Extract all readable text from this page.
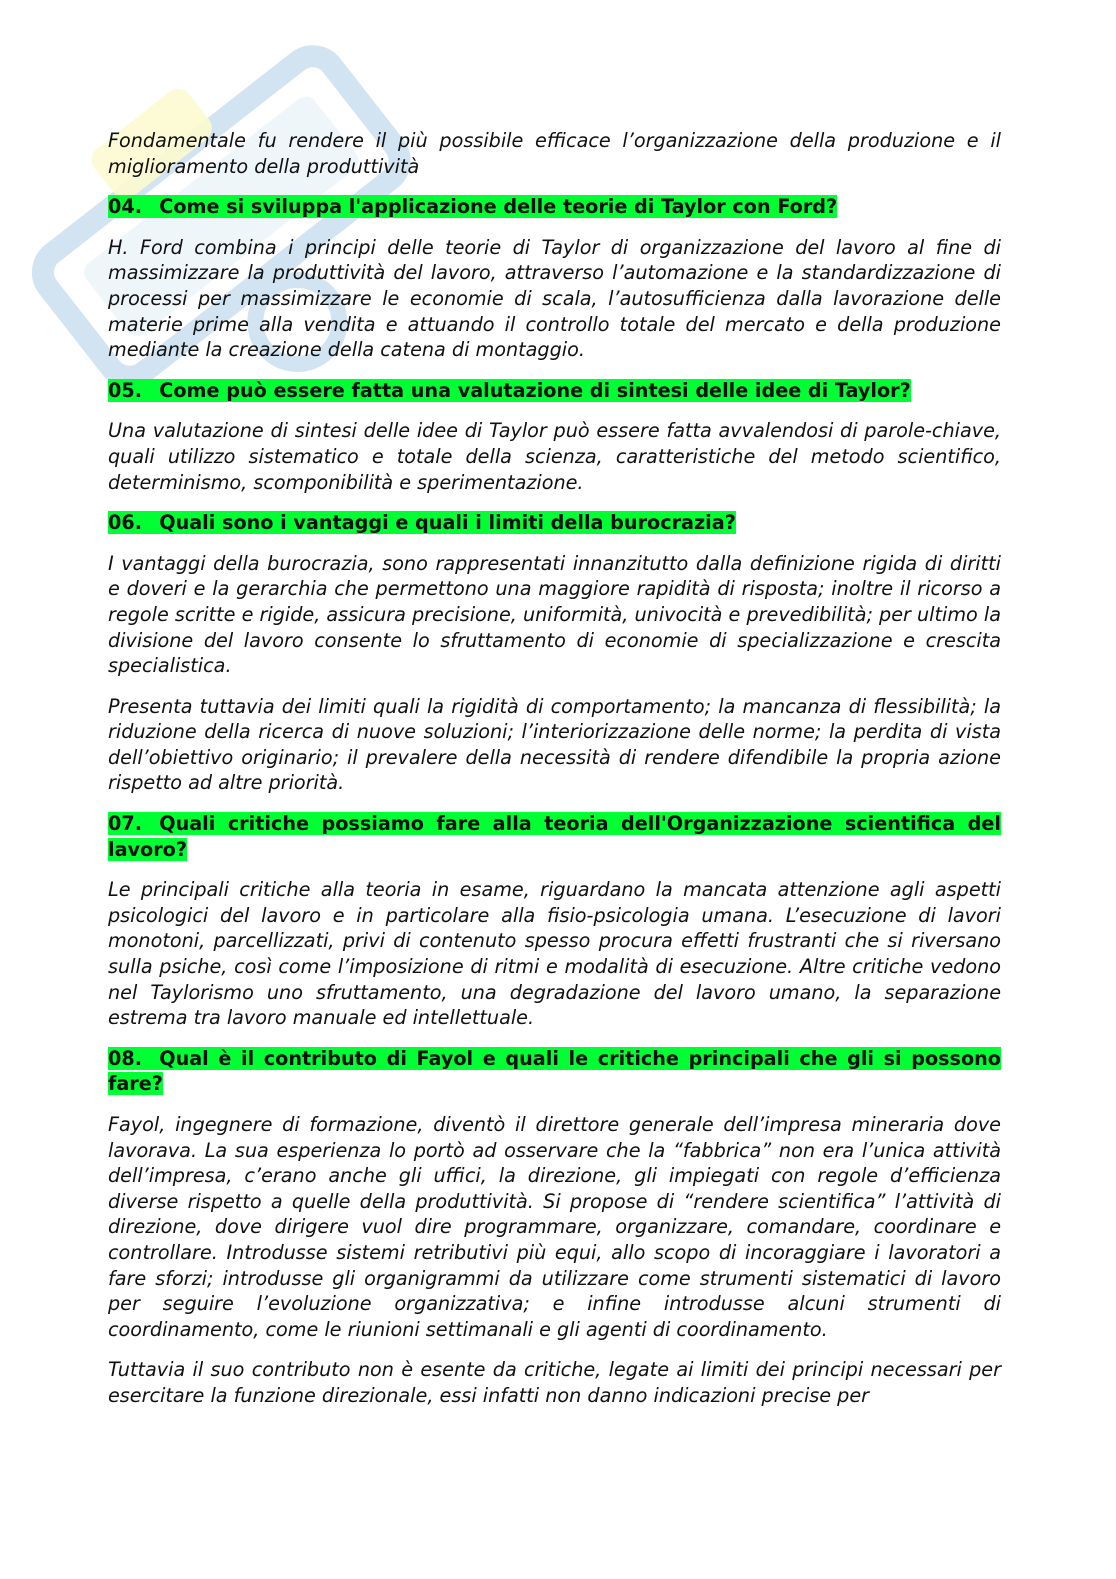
Fondamentale fu rendere il più possibile efficace l’organizzazione della produzione e il miglioramento della produttività

04. Come si sviluppa l'applicazione delle teorie di Taylor con Ford?

H. Ford combina i principi delle teorie di Taylor di organizzazione del lavoro al fine di massimizzare la produttività del lavoro, attraverso l’automazione e la standardizzazione di processi per massimizzare le economie di scala, l’autosufficienza dalla lavorazione delle materie prime alla vendita e attuando il controllo totale del mercato e della produzione mediante la creazione della catena di montaggio.

05. Come può essere fatta una valutazione di sintesi delle idee di Taylor?

Una valutazione di sintesi delle idee di Taylor può essere fatta avvalendosi di parole-chiave, quali utilizzo sistematico e totale della scienza, caratteristiche del metodo scientifico, determinismo, scomponibilità e sperimentazione.

06. Quali sono i vantaggi e quali i limiti della burocrazia?

I vantaggi della burocrazia, sono rappresentati innanzitutto dalla definizione rigida di diritti e doveri e la gerarchia che permettono una maggiore rapidità di risposta; inoltre il ricorso a regole scritte e rigide, assicura precisione, uniformità, univocità e prevedibilità; per ultimo la divisione del lavoro consente lo sfruttamento di economie di specializzazione e crescita specialistica.

Presenta tuttavia dei limiti quali la rigidità di comportamento; la mancanza di flessibilità; la riduzione della ricerca di nuove soluzioni; l’interiorizzazione delle norme; la perdita di vista dell’obiettivo originario; il prevalere della necessità di rendere difendibile la propria azione rispetto ad altre priorità.

07. Quali critiche possiamo fare alla teoria dell'Organizzazione scientifica del lavoro?

Le principali critiche alla teoria in esame, riguardano la mancata attenzione agli aspetti psicologici del lavoro e in particolare alla fisio-psicologia umana. L’esecuzione di lavori monotoni, parcellizzati, privi di contenuto spesso procura effetti frustranti che si riversano sulla psiche, così come l’imposizione di ritmi e modalità di esecuzione. Altre critiche vedono nel Taylorismo uno sfruttamento, una degradazione del lavoro umano, la separazione estrema tra lavoro manuale ed intellettuale.

08. Qual è il contributo di Fayol e quali le critiche principali che gli si possono fare?

Fayol, ingegnere di formazione, diventò il direttore generale dell’impresa mineraria dove lavorava. La sua esperienza lo portò ad osservare che la “fabbrica” non era l’unica attività dell’impresa, c’erano anche gli uffici, la direzione, gli impiegati con regole d’efficienza diverse rispetto a quelle della produttività. Si propose di “rendere scientifica” l’attività di direzione, dove dirigere vuol dire programmare, organizzare, comandare, coordinare e controllare. Introdusse sistemi retributivi più equi, allo scopo di incoraggiare i lavoratori a fare sforzi; introdusse gli organigrammi da utilizzare come strumenti sistematici di lavoro per seguire l’evoluzione organizzativa; e infine introdusse alcuni strumenti di coordinamento, come le riunioni settimanali e gli agenti di coordinamento.

Tuttavia il suo contributo non è esente da critiche, legate ai limiti dei principi necessari per esercitare la funzione direzionale, essi infatti non danno indicazioni precise per
